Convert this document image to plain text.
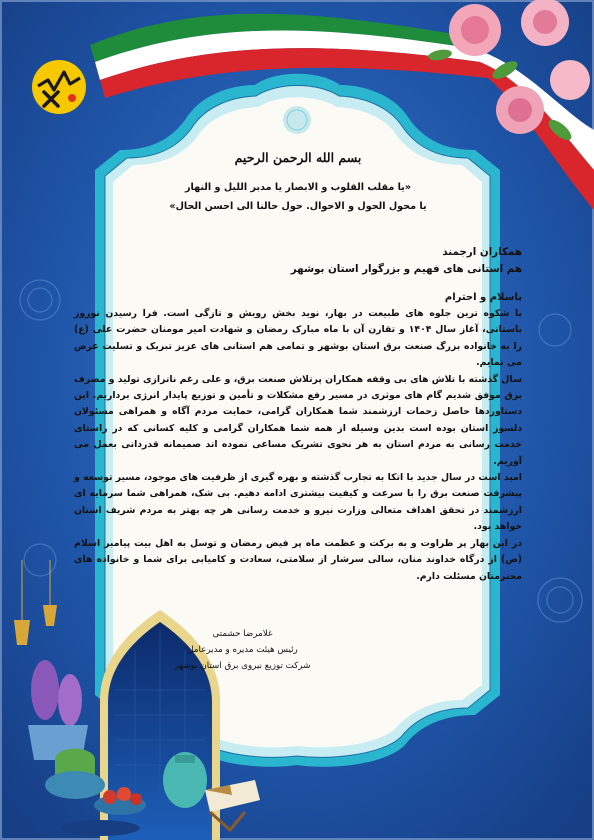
بسم الله الرحمن الرحیم
«یا مقلب القلوب و الابصار یا مدبر اللیل و النهار
یا محول الحول و الاحوال. حول حالنا الی احسن الحال»
همکاران ارجمند
هم استانی های فهیم و بزرگوار استان بوشهر
باسلام و احترام

با شکوه ترین جلوه های طبیعت در بهار، نوید بخش رویش و تازگی است. فرا رسیدن نوروز باستانی، آغاز سال ۱۴۰۴ و تقارن آن با ماه مبارک رمضان و شهادت امیر مومنان حضرت علی (ع) را به خانواده بزرگ صنعت برق استان بوشهر و تمامی هم استانی های عزیز تبریک و تسلیت عرض می نمایم.

سال گذشته با تلاش های بی وقفه همکاران پرتلاش صنعت برق، و علی رغم ناترازی تولید و مصرف برق موفق شدیم گام های موثری در مسیر رفع مشکلات و تأمین و توزیع پایدار انرژی برداریم. این دستاوردها حاصل زحمات ارزشمند شما همکاران گرامی، حمایت مردم آگاه و همراهی مسئولان دلسوز استان بوده است بدین وسیله از همه شما همکاران گرامی و کلیه کسانی که در راستای خدمت رسانی به مردم استان به هر نحوی تشریک مساعی نموده اند صمیمانه قدردانی بعمل می آوریم.

امید است در سال جدید با اتکا به تجارب گذشته و بهره گیری از ظرفیت های موجود، مسیر توسعه و پیشرفت صنعت برق را با سرعت و کیفیت بیشتری ادامه دهیم. بی شک، همراهی شما سرمایه ای ارزشمند در تحقق اهداف متعالی وزارت نیرو و خدمت رسانی هر چه بهتر به مردم شریف استان خواهد بود.

در این بهار پر طراوت و به برکت و عظمت ماه پر فیض رمضان و توسل به اهل بیت پیامبر اسلام (ص) از درگاه خداوند منان، سالی سرشار از سلامتی، سعادت و کامیابی برای شما و خانواده های محترمتان مسئلت دارم.

غلامرضا حشمتی
رئیس هیئت مدیره و مدیرعامل
شرکت توزیع نیروی برق استان بوشهر
